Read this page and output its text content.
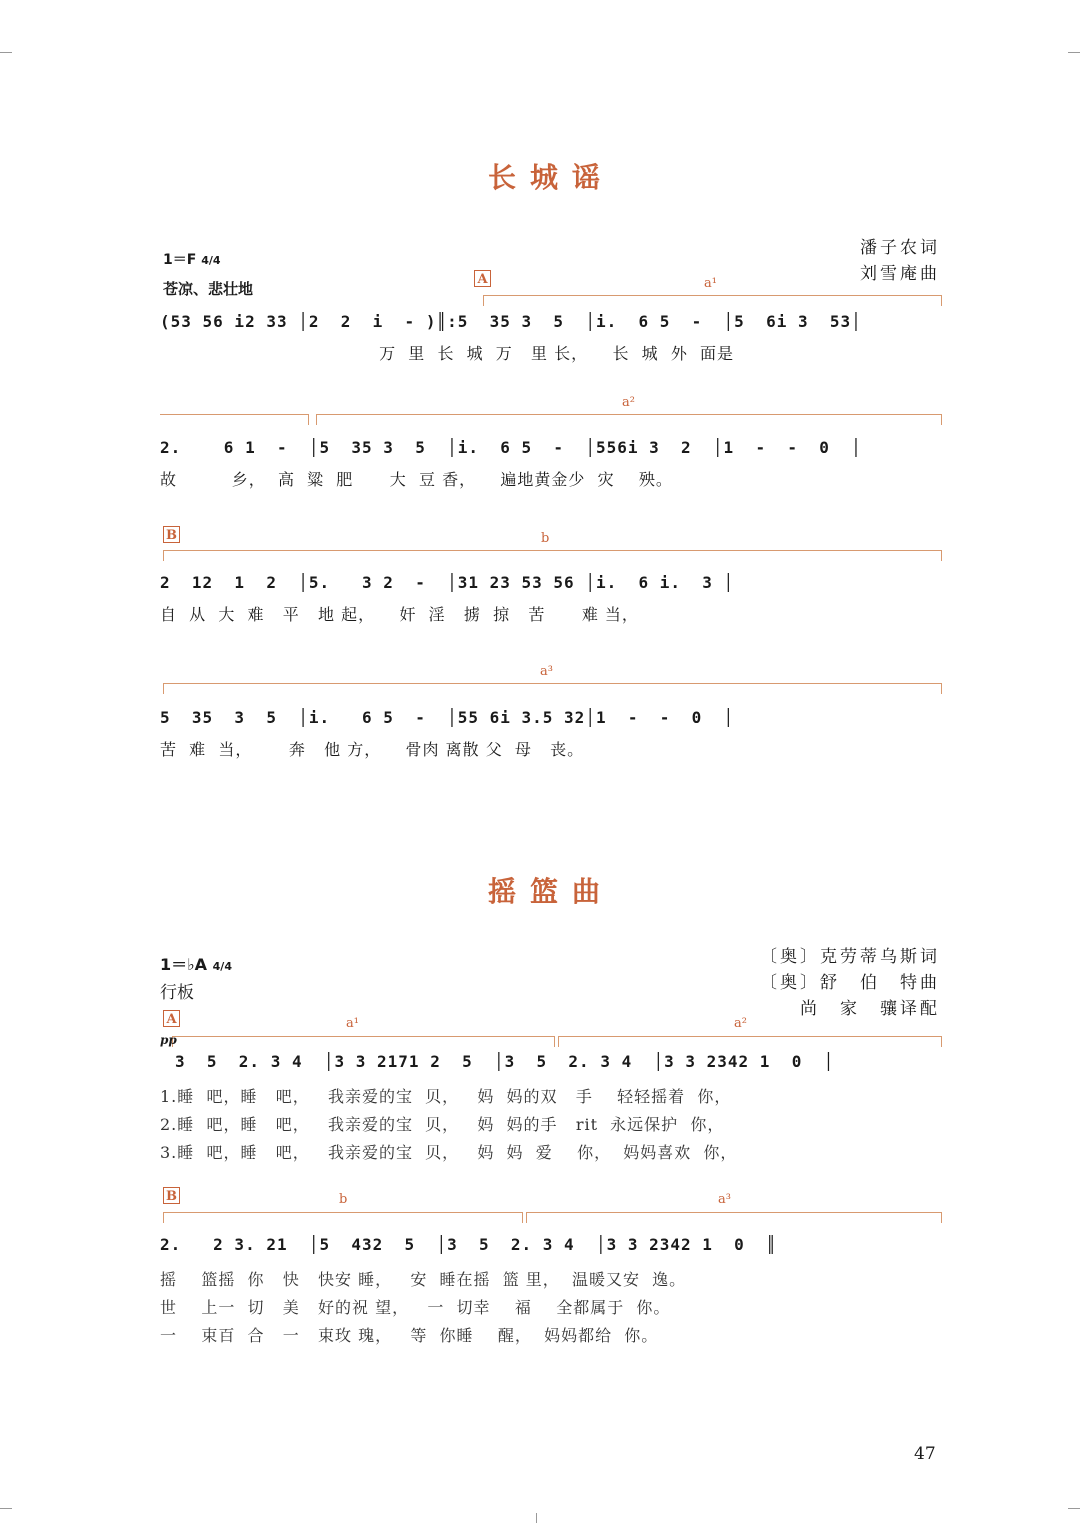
长城谣
潘子农词
刘雪庵曲
1＝F 4/4
苍凉、悲壮地
A	a¹
(53 56 i2 33 │2  2  i  - )║:5  35 3  5  │i.  6 5  -  │5  6i 3  53│
万  里  长  城  万   里 长，    长  城  外  面是
a²
2.    6 1  -  │5  35 3  5  │i.  6 5  -  │556i 3  2  │1  -  -  0  │
故         乡，  高  粱  肥      大  豆 香，    遍地黄金少  灾    殃。
B	b
2  12  1  2  │5.   3 2  -  │31 23 53 56 │i.  6 i.  3 │
自  从  大  难   平   地 起，    奸  淫   掳  掠   苦      难 当，
a³
5  35  3  5  │i.   6 5  -  │55 6i 3.5 32│1  -  -  0  │
苦  难  当，      奔   他 方，    骨肉 离散 父  母   丧。
摇篮曲
〔奥〕克劳蒂乌斯词
〔奥〕舒　伯　特曲
尚　家　骧译配
1＝♭A 4/4
行板
A	a¹	a²
pp
3  5  2. 3 4  │3 3 2171 2  5  │3  5  2. 3 4  │3 3 2342 1  0  │
1.睡  吧，睡   吧，   我亲爱的宝  贝，   妈  妈的双   手    轻轻摇着  你，
2.睡  吧，睡   吧，   我亲爱的宝  贝，   妈  妈的手   rit  永远保护  你，
3.睡  吧，睡   吧，   我亲爱的宝  贝，   妈  妈  爱    你，  妈妈喜欢  你，
B	b	a³
2.   2 3. 21  │5  432  5  │3  5  2. 3 4  │3 3 2342 1  0  ║
摇    篮摇  你   快   快安 睡，   安  睡在摇  篮 里，  温暖又安  逸。
世    上一  切   美   好的祝 望，   一  切幸    福    全都属于  你。
一    束百  合   一   束玫 瑰，   等  你睡    醒，  妈妈都给  你。
47
